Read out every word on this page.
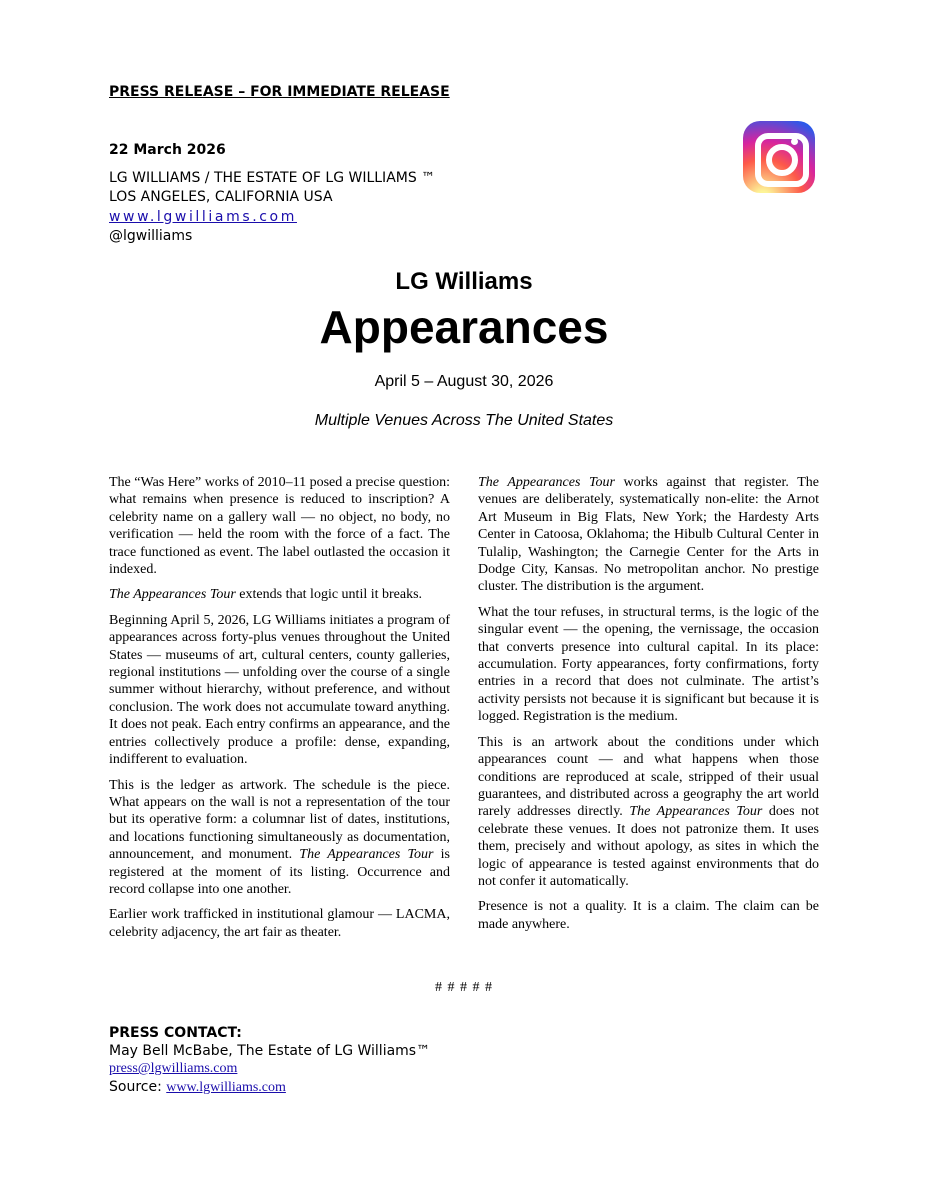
PRESS RELEASE – FOR IMMEDIATE RELEASE
22 March 2026
LG WILLIAMS / THE ESTATE OF LG WILLIAMS ™
LOS ANGELES, CALIFORNIA USA
www.lgwilliams.com
@lgwilliams
LG Williams
Appearances
April 5 – August 30, 2026
Multiple Venues Across The United States

The “Was Here” works of 2010–11 posed a precise question: what remains when presence is reduced to inscription? A celebrity name on a gallery wall — no object, no body, no verification — held the room with the force of a fact. The trace functioned as event. The label outlasted the occasion it indexed.

The Appearances Tour extends that logic until it breaks.

Beginning April 5, 2026, LG Williams initiates a program of appearances across forty-plus venues throughout the United States — museums of art, cultural centers, county galleries, regional institutions — unfolding over the course of a single summer without hierarchy, without preference, and without conclusion. The work does not accumulate toward anything. It does not peak. Each entry confirms an appearance, and the entries collectively produce a profile: dense, expanding, indifferent to evaluation.

This is the ledger as artwork. The schedule is the piece. What appears on the wall is not a representation of the tour but its operative form: a columnar list of dates, institutions, and locations functioning simultaneously as documentation, announcement, and monument. The Appearances Tour is registered at the moment of its listing. Occurrence and record collapse into one another.

Earlier work trafficked in institutional glamour — LACMA, celebrity adjacency, the art fair as theater.

The Appearances Tour works against that register. The venues are deliberately, systematically non-elite: the Arnot Art Museum in Big Flats, New York; the Hardesty Arts Center in Catoosa, Oklahoma; the Hibulb Cultural Center in Tulalip, Washington; the Carnegie Center for the Arts in Dodge City, Kansas. No metropolitan anchor. No prestige cluster. The distribution is the argument.

What the tour refuses, in structural terms, is the logic of the singular event — the opening, the vernissage, the occasion that converts presence into cultural capital. In its place: accumulation. Forty appearances, forty confirmations, forty entries in a record that does not culminate. The artist’s activity persists not because it is significant but because it is logged. Registration is the medium.

This is an artwork about the conditions under which appearances count — and what happens when those conditions are reproduced at scale, stripped of their usual guarantees, and distributed across a geography the art world rarely addresses directly. The Appearances Tour does not celebrate these venues. It does not patronize them. It uses them, precisely and without apology, as sites in which the logic of appearance is tested against environments that do not confer it automatically.

Presence is not a quality. It is a claim. The claim can be made anywhere.

# # # # #
PRESS CONTACT:
May Bell McBabe, The Estate of LG Williams™
press@lgwilliams.com
Source: www.lgwilliams.com
